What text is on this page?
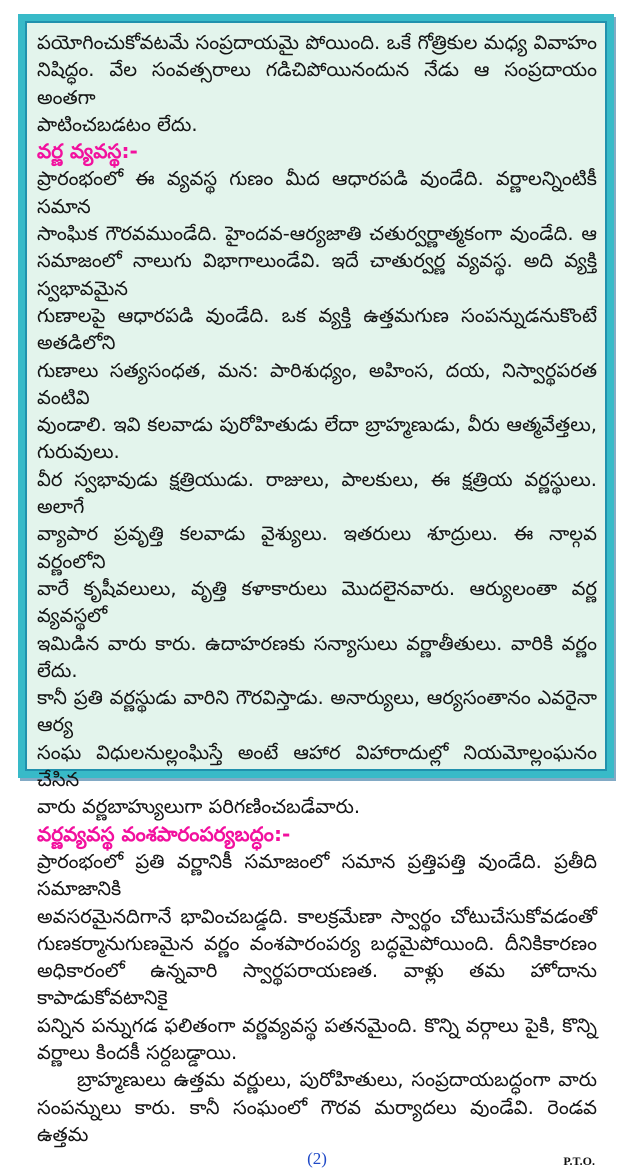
పయోగించుకోవటమే సంప్రదాయమై పోయింది. ఒకే గోత్రికుల మధ్య వివాహం
నిషిద్ధం. వేల సంవత్సరాలు గడిచిపోయినందున నేడు ఆ సంప్రదాయం అంతగా
పాటించబడటం లేదు.
వర్ణ వ్యవస్థ:-
ప్రారంభంలో ఈ వ్యవస్థ గుణం మీద ఆధారపడి వుండేది. వర్ణాలన్నింటికీ సమాన
సాంఘిక గౌరవముండేది. హైందవ-ఆర్యజాతి చతుర్వర్ణాత్మకంగా వుండేది. ఆ
సమాజంలో నాలుగు విభాగాలుండేవి. ఇదే చాతుర్వర్ణ వ్యవస్థ. అది వ్యక్తి స్వభావమైన
గుణాలపై ఆధారపడి వుండేది. ఒక వ్యక్తి ఉత్తమగుణ సంపన్నుడనుకొంటే అతడిలోని
గుణాలు సత్యసంధత, మన: పారిశుధ్యం, అహింస, దయ, నిస్వార్థపరత వంటివి
వుండాలి. ఇవి కలవాడు పురోహితుడు లేదా బ్రాహ్మణుడు, వీరు ఆత్మవేత్తలు, గురువులు.
వీర స్వభావుడు క్షత్రియుడు. రాజులు, పాలకులు, ఈ క్షత్రియ వర్ణస్థులు. అలాగే
వ్యాపార ప్రవృత్తి కలవాడు వైశ్యులు. ఇతరులు శూద్రులు. ఈ నాల్గవ వర్ణంలోని
వారే కృషీవలులు, వృత్తి కళాకారులు మొదలైనవారు. ఆర్యులంతా వర్ణ వ్యవస్థలో
ఇమిడిన వారు కారు. ఉదాహరణకు సన్యాసులు వర్ణాతీతులు. వారికి వర్ణం లేదు.
కానీ ప్రతి వర్ణస్థుడు వారిని గౌరవిస్తాడు. అనార్యులు, ఆర్యసంతానం ఎవరైనా ఆర్య
సంఘ విధులనుల్లంఘిస్తే అంటే ఆహార విహారాదుల్లో నియమోల్లంఘనం చేసిన
వారు వర్ణబాహ్యులుగా పరిగణించబడేవారు.
వర్ణవ్యవస్థ వంశపారంపర్యబద్ధం:-
ప్రారంభంలో ప్రతి వర్ణానికీ సమాజంలో సమాన ప్రత్తిపత్తి వుండేది. ప్రతీది సమాజానికి
అవసరమైనదిగానే భావించబడ్డది. కాలక్రమేణా స్వార్థం చోటుచేసుకోవడంతో
గుణకర్మానుగుణమైన వర్ణం వంశపారంపర్య బద్ధమైపోయింది. దీనికికారణం
అధికారంలో ఉన్నవారి స్వార్థపరాయణత. వాళ్లు తమ హోదాను కాపాడుకోవటానికై
పన్నిన పన్నుగడ ఫలితంగా వర్ణవ్యవస్థ పతనమైంది. కొన్ని వర్గాలు పైకి, కొన్ని
వర్ణాలు కిందకీ సర్దబడ్డాయి.
బ్రాహ్మణులు ఉత్తమ వర్ణులు, పురోహితులు, సంప్రదాయబద్ధంగా వారు
సంపన్నులు కారు. కానీ సంఘంలో గౌరవ మర్యాదలు వుండేవి. రెండవ ఉత్తమ
(2)	P.T.O.
